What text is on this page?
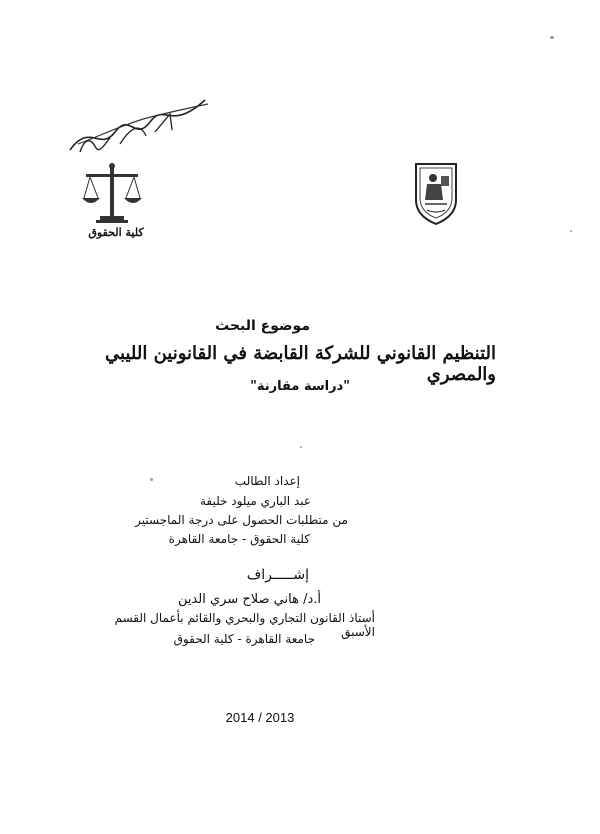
كلية الحقوق
موضوع البحث
التنظيم القانوني للشركة القابضة في القانونين الليبي والمصري
"دراسة مقارنة"
إعداد الطالب
عبد الباري ميلود خليفة
من متطلبات الحصول على درجة الماجستير
كلية الحقوق - جامعة القاهرة
إشـــــراف
أ.د/ هاني صلاح سري الدين
أستاذ القانون التجاري والبحري والقائم بأعمال القسم الأسبق
جامعة القاهرة - كلية الحقوق
2014 / 2013
